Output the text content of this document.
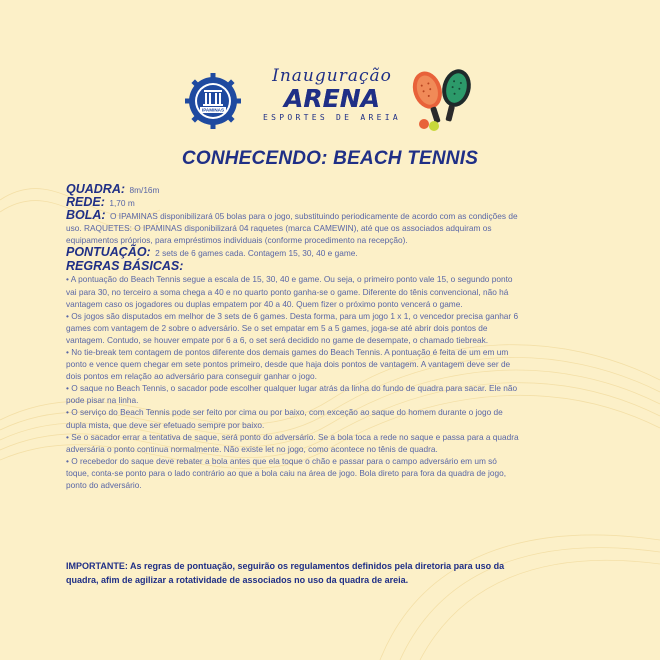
IPAMINAS
Inauguração
ARENA
ESPORTES DE AREIA
CONHECENDO: BEACH TENNIS
QUADRA: 8m/16m
REDE: 1,70 m
BOLA: O IPAMINAS disponibilizará 05 bolas para o jogo, substituindo periodicamente de acordo com as condições de
uso. RAQUETES: O IPAMINAS disponibilizará 04 raquetes (marca CAMEWIN), até que os associados adquiram os
equipamentos próprios, para empréstimos individuais (conforme procedimento na recepção).
PONTUAÇÃO: 2 sets de 6 games cada. Contagem 15, 30, 40 e game.
REGRAS BÁSICAS:

• A pontuação do Beach Tennis segue a escala de 15, 30, 40 e game. Ou seja, o primeiro ponto vale 15, o segundo ponto

vai para 30, no terceiro a soma chega a 40 e no quarto ponto ganha-se o game. Diferente do tênis convencional, não há

vantagem caso os jogadores ou duplas empatem por 40 a 40. Quem fizer o próximo ponto vencerá o game.

• Os jogos são disputados em melhor de 3 sets de 6 games. Desta forma, para um jogo 1 x 1, o vencedor precisa ganhar 6

games com vantagem de 2 sobre o adversário. Se o set empatar em 5 a 5 games, joga-se até abrir dois pontos de

vantagem. Contudo, se houver empate por 6 a 6, o set será decidido no game de desempate, o chamado tiebreak.

• No tie-break tem contagem de pontos diferente dos demais games do Beach Tennis. A pontuação é feita de um em um

ponto e vence quem chegar em sete pontos primeiro, desde que haja dois pontos de vantagem. A vantagem deve ser de

dois pontos em relação ao adversário para conseguir ganhar o jogo.

• O saque no Beach Tennis, o sacador pode escolher qualquer lugar atrás da linha do fundo de quadra para sacar. Ele não

pode pisar na linha.

• O serviço do Beach Tennis pode ser feito por cima ou por baixo, com exceção ao saque do homem durante o jogo de

dupla mista, que deve ser efetuado sempre por baixo.

• Se o sacador errar a tentativa de saque, será ponto do adversário. Se a bola toca a rede no saque e passa para a quadra

adversária o ponto continua normalmente. Não existe let no jogo, como acontece no tênis de quadra.

• O recebedor do saque deve rebater a bola antes que ela toque o chão e passar para o campo adversário em um só

toque, conta-se ponto para o lado contrário ao que a bola caiu na área de jogo. Bola direto para fora da quadra de jogo,

ponto do adversário.

IMPORTANTE: As regras de pontuação, seguirão os regulamentos definidos pela diretoria para uso da
quadra, afim de agilizar a rotatividade de associados no uso da quadra de areia.
